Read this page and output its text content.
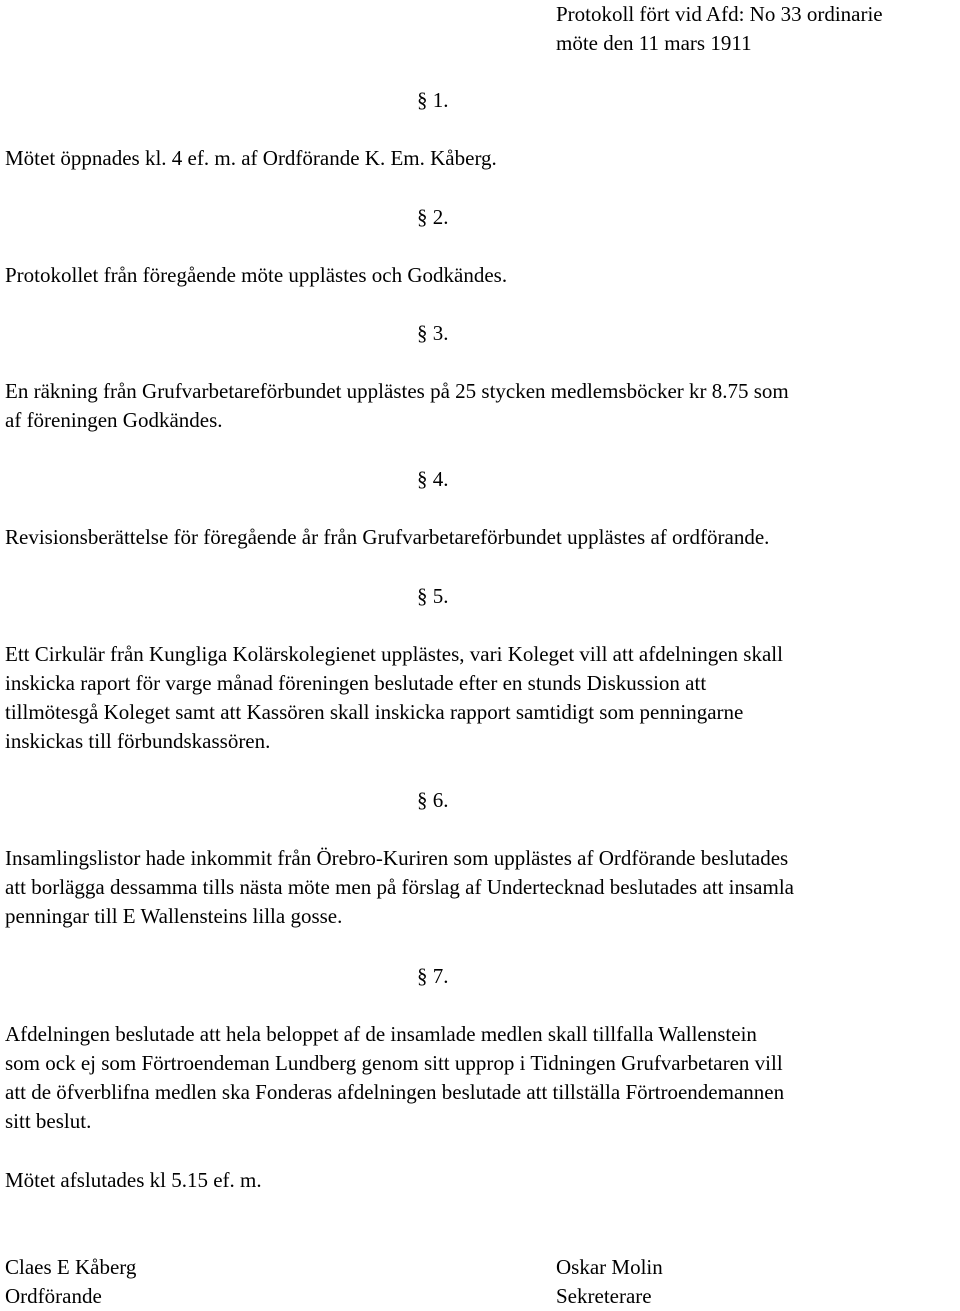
Protokoll fört vid Afd: No 33 ordinarie
möte den 11 mars 1911
§ 1.
Mötet öppnades kl. 4 ef. m. af Ordförande K. Em. Kåberg.
§ 2.
Protokollet från föregående möte upplästes och Godkändes.
§ 3.
En räkning från Grufvarbetareförbundet upplästes på 25 stycken medlemsböcker kr 8.75 som
af föreningen Godkändes.
§ 4.
Revisionsberättelse för föregående år från Grufvarbetareförbundet upplästes af ordförande.
§ 5.
Ett Cirkulär från Kungliga Kolärskolegienet upplästes, vari Koleget vill att afdelningen skall
inskicka raport för varge månad föreningen beslutade efter en stunds Diskussion att
tillmötesgå Koleget samt att Kassören skall inskicka rapport samtidigt som penningarne
inskickas till förbundskassören.
§ 6.
Insamlingslistor hade inkommit från Örebro-Kuriren som upplästes af Ordförande beslutades
att borlägga dessamma tills nästa möte men på förslag af Undertecknad beslutades att insamla
penningar till E Wallensteins lilla gosse.
§ 7.
Afdelningen beslutade att hela beloppet af de insamlade medlen skall tillfalla Wallenstein
som ock ej som Förtroendeman Lundberg genom sitt upprop i Tidningen Grufvarbetaren vill
att de öfverblifna medlen ska Fonderas afdelningen beslutade att tillställa Förtroendemannen
sitt beslut.
Mötet afslutades kl 5.15 ef. m.
Claes E Kåberg
Ordförande
Oskar Molin
Sekreterare
